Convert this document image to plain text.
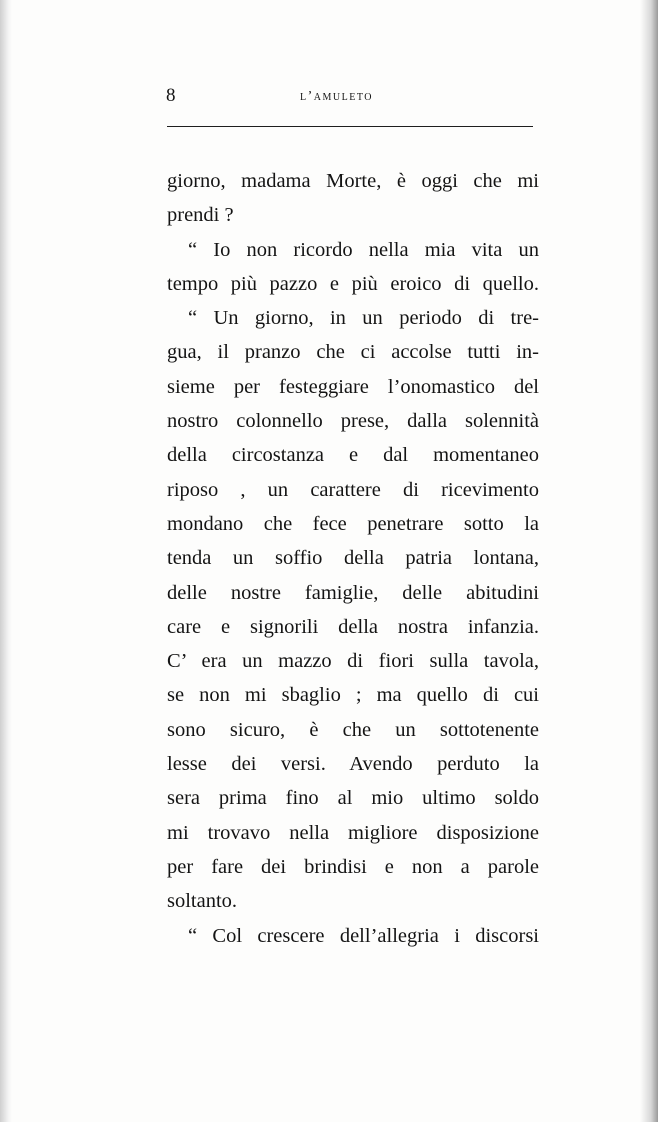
8	l’amuleto
giorno, madama Morte, è oggi che mi
prendi ?
“ Io non ricordo nella mia vita un
tempo più pazzo e più eroico di quello.
“ Un giorno, in un periodo di tre-
gua, il pranzo che ci accolse tutti in-
sieme per festeggiare l’onomastico del
nostro colonnello prese, dalla solennità
della circostanza e dal momentaneo
riposo , un carattere di ricevimento
mondano che fece penetrare sotto la
tenda un soffio della patria lontana,
delle nostre famiglie, delle abitudini
care e signorili della nostra infanzia.
C’ era un mazzo di fiori sulla tavola,
se non mi sbaglio ; ma quello di cui
sono sicuro, è che un sottotenente
lesse dei versi. Avendo perduto la
sera prima fino al mio ultimo soldo
mi trovavo nella migliore disposizione
per fare dei brindisi e non a parole
soltanto.
“ Col crescere dell’allegria i discorsi
